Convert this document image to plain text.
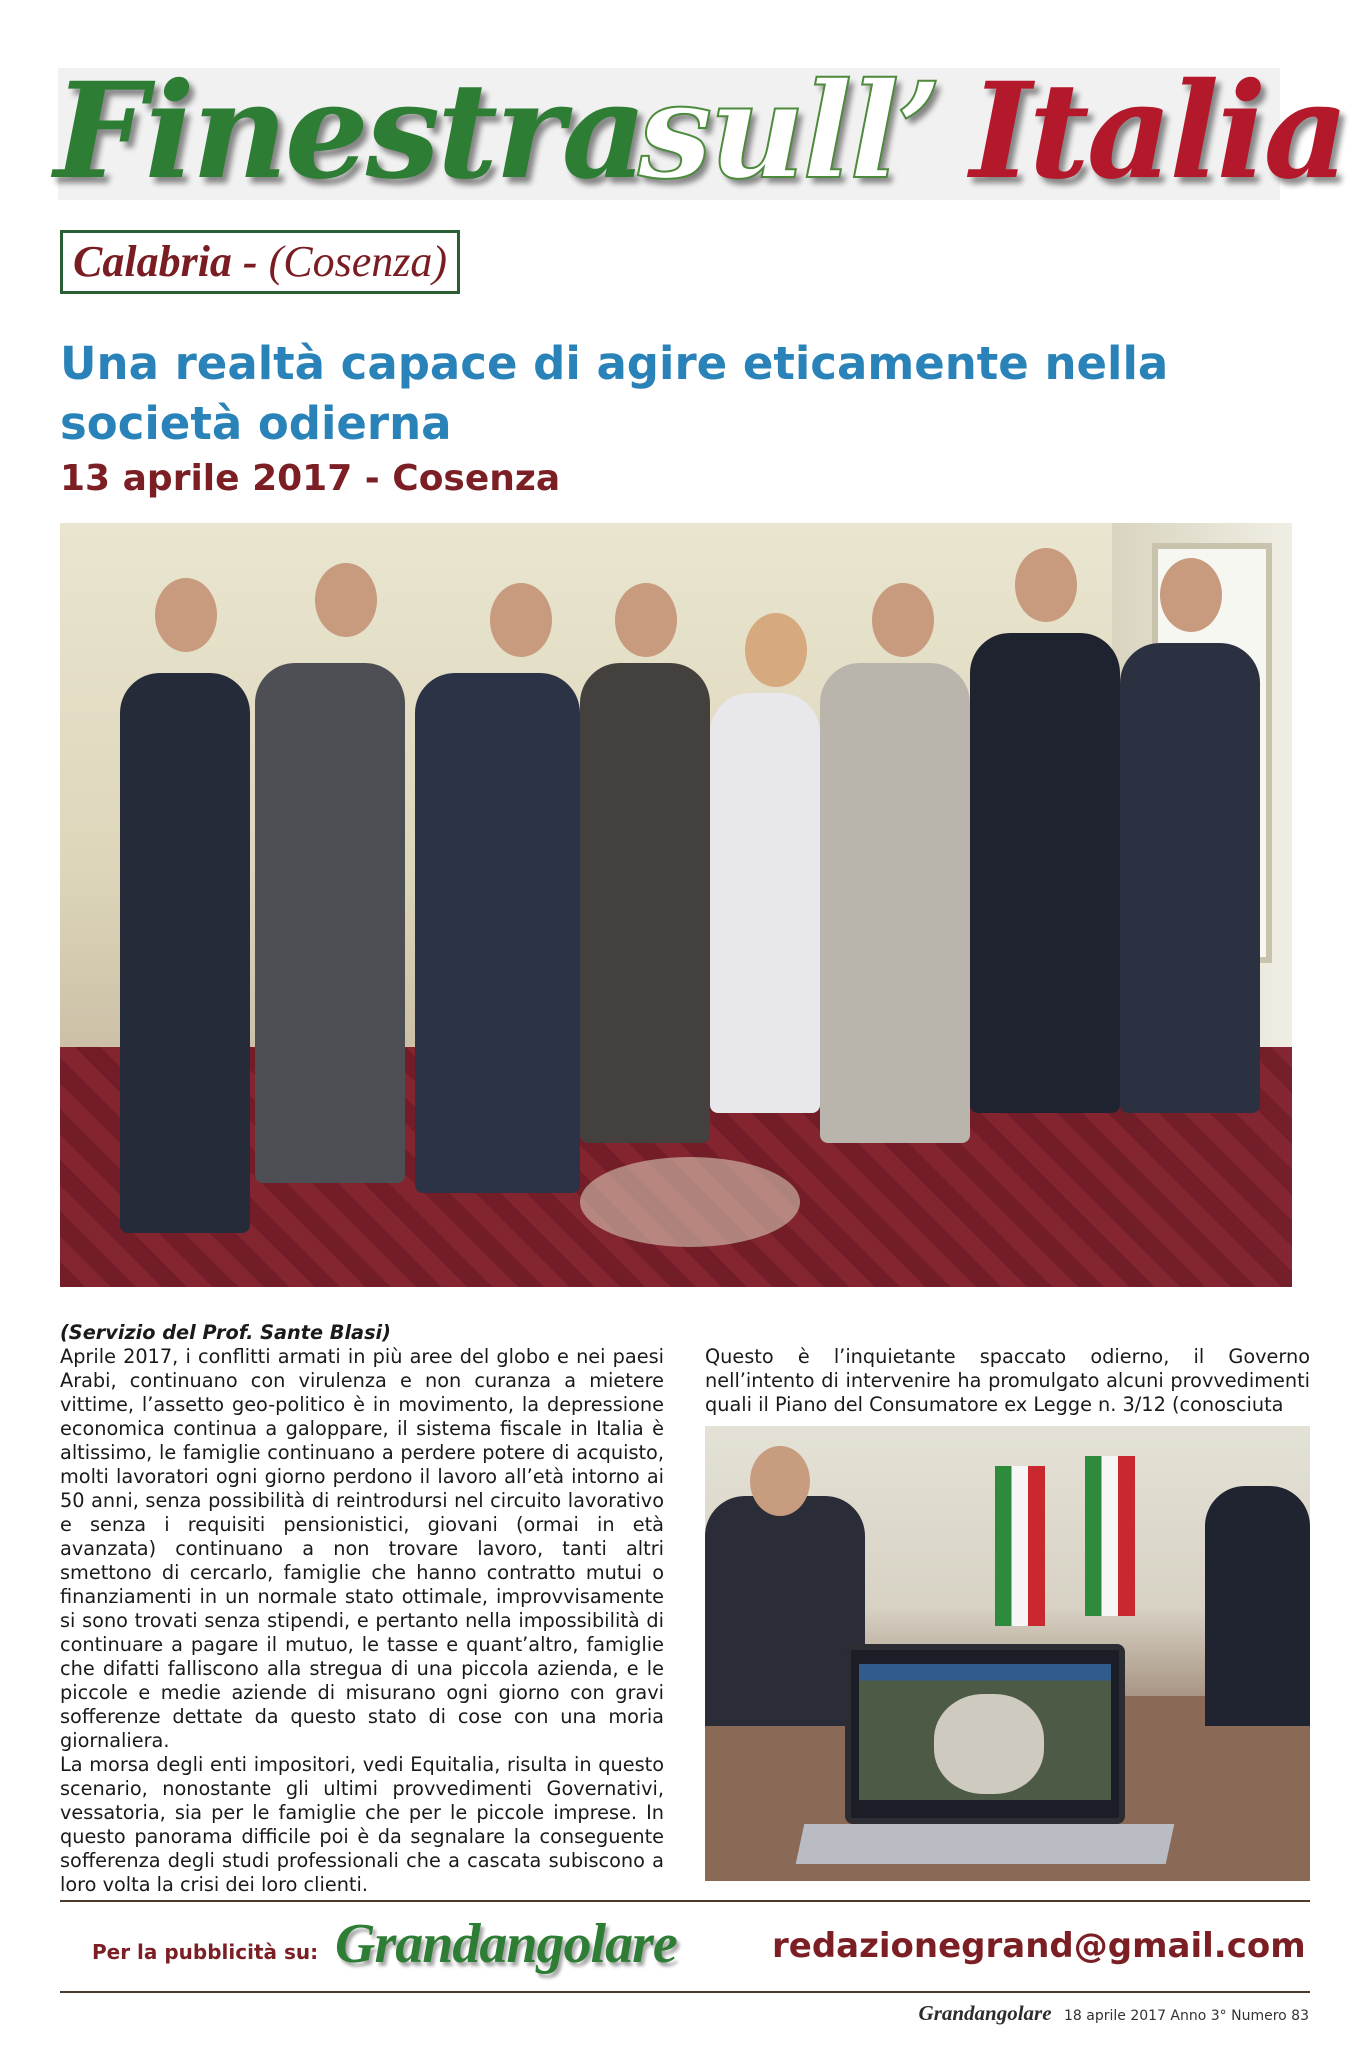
Finestra
sull’ Italia
Calabria - (Cosenza)
Una realtà capace di agire eticamente nella società odierna
13 aprile 2017 - Cosenza
(Servizio del Prof. Sante Blasi)

Aprile 2017, i conflitti armati in più aree del globo e nei paesi Arabi, continuano con virulenza e non curanza a mietere vittime, l’assetto geo-politico è in movimento, la depressione economica continua a galoppare, il sistema fiscale in Italia è altissimo, le famiglie continuano a perdere potere di acquisto, molti lavoratori ogni giorno perdono il lavoro all’età intorno ai 50 anni, senza possibilità di reintrodursi nel circuito lavorativo e senza i requisiti pensionistici, giovani (ormai in età avanzata) continuano a non trovare lavoro, tanti altri smettono di cercarlo, famiglie che hanno contratto mutui o finanziamenti in un normale stato ottimale, improvvisamente si sono trovati senza stipendi, e pertanto nella impossibilità di continuare a pagare il mutuo, le tasse e quant’altro, famiglie che difatti falliscono alla stregua di una piccola azienda, e le piccole e medie aziende di misurano ogni giorno con gravi sofferenze dettate da questo stato di cose con una moria giornaliera.

La morsa degli enti impositori, vedi Equitalia, risulta in questo scenario, nonostante gli ultimi provvedimenti Governativi, vessatoria, sia per le famiglie che per le piccole imprese. In questo panorama difficile poi è da segnalare la conseguente sofferenza degli studi professionali che a cascata subiscono a loro volta la crisi dei loro clienti.

Questo è l’inquietante spaccato odierno, il Governo nell’intento di intervenire ha promulgato alcuni provvedimenti quali il Piano del Consumatore ex Legge n. 3/12 (conosciuta

Per la pubblicità su: Grandangolare	redazionegrand@gmail.com
Grandangolare 18 aprile 2017 Anno 3° Numero 83
